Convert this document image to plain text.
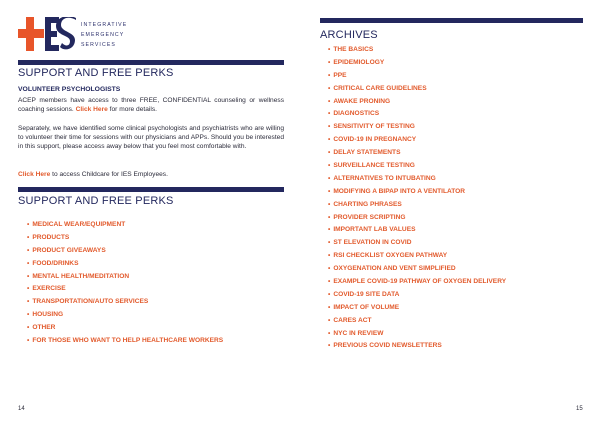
INTEGRATIVE
EMERGENCY
SERVICES
SUPPORT AND FREE PERKS
VOLUNTEER PSYCHOLOGISTS

ACEP members have access to three FREE, CONFIDENTIAL counseling or wellness coaching sessions. Click Here for more details.

Separately, we have identified some clinical psychologists and psychiatrists who are willing to volunteer their time for sessions with our physicians and APPs. Should you be interested in this support, please access away below that you feel most comfortable with.

Click Here to access Childcare for IES Employees.

SUPPORT AND FREE PERKS
• MEDICAL WEAR/EQUIPMENT
• PRODUCTS
• PRODUCT GIVEAWAYS
• FOOD/DRINKS
• MENTAL HEALTH/MEDITATION
• EXERCISE
• TRANSPORTATION/AUTO SERVICES
• HOUSING
• OTHER
• FOR THOSE WHO WANT TO HELP HEALTHCARE WORKERS
14
ARCHIVES
• THE BASICS
• EPIDEMIOLOGY
• PPE
• CRITICAL CARE GUIDELINES
• AWAKE PRONING
• DIAGNOSTICS
• SENSITIVITY OF TESTING
• COVID-19 IN PREGNANCY
• DELAY STATEMENTS
• SURVEILLANCE TESTING
• ALTERNATIVES TO INTUBATING
• MODIFYING A BIPAP INTO A VENTILATOR
• CHARTING PHRASES
• PROVIDER SCRIPTING
• IMPORTANT LAB VALUES
• ST ELEVATION IN COVID
• RSI CHECKLIST OXYGEN PATHWAY
• OXYGENATION AND VENT SIMPLIFIED
• EXAMPLE COVID-19 PATHWAY OF OXYGEN DELIVERY
• COVID-19 SITE DATA
• IMPACT OF VOLUME
• CARES ACT
• NYC IN REVIEW
• PREVIOUS COVID NEWSLETTERS
15
